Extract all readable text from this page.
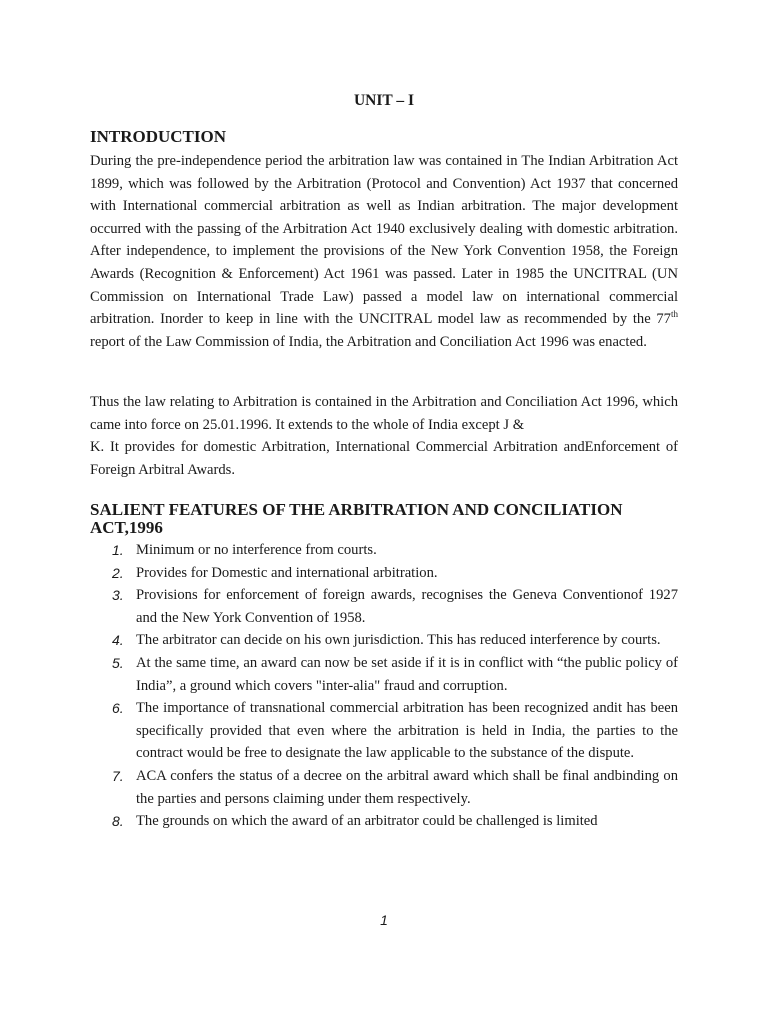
UNIT – I
INTRODUCTION

During the pre-independence period the arbitration law was contained in The Indian Arbitration Act 1899, which was followed by the Arbitration (Protocol and Convention) Act 1937 that concerned with International commercial arbitration as well as Indian arbitration. The major development occurred with the passing of the Arbitration Act 1940 exclusively dealing with domestic arbitration. After independence, to implement the provisions of the New York Convention 1958, the Foreign Awards (Recognition & Enforcement) Act 1961 was passed. Later in 1985 the UNCITRAL (UN Commission on International Trade Law) passed a model law on international commercial arbitration. Inorder to keep in line with the UNCITRAL model law as recommended by the 77th report of the Law Commission of India, the Arbitration and Conciliation Act 1996 was enacted.

Thus the law relating to Arbitration is contained in the Arbitration and Conciliation Act 1996, which came into force on 25.01.1996. It extends to the whole of India except J &
K. It provides for domestic Arbitration, International Commercial Arbitration andEnforcement of Foreign Arbitral Awards.

SALIENT FEATURES OF THE ARBITRATION AND CONCILIATION ACT,1996
1. Minimum or no interference from courts.
2. Provides for Domestic and international arbitration.
3. Provisions for enforcement of foreign awards, recognises the Geneva Conventionof 1927 and the New York Convention of 1958.
4. The arbitrator can decide on his own jurisdiction. This has reduced interference by courts.
5. At the same time, an award can now be set aside if it is in conflict with “the public policy of India”, a ground which covers "inter-alia" fraud and corruption.
6. The importance of transnational commercial arbitration has been recognized andit has been specifically provided that even where the arbitration is held in India, the parties to the contract would be free to designate the law applicable to the substance of the dispute.
7. ACA confers the status of a decree on the arbitral award which shall be final andbinding on the parties and persons claiming under them respectively.
8. The grounds on which the award of an arbitrator could be challenged is limited
1
